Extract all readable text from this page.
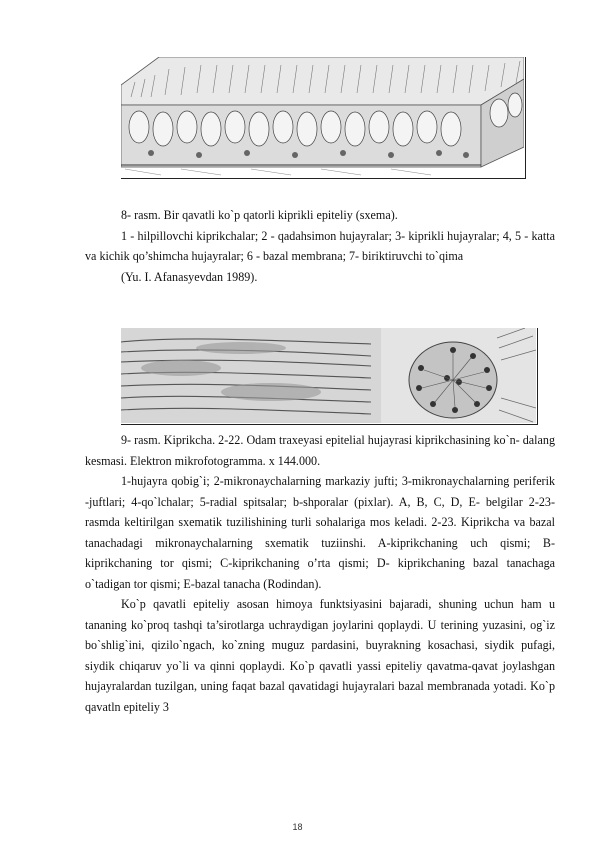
8- rasm. Bir qavatli ko`p qatorli kiprikli epiteliy (sxema).

1 - hilpillovchi kiprikchalar; 2 - qadahsimon hujayralar; 3- kiprikli hujayralar; 4, 5 - katta va kichik qo’shimcha hujayralar; 6 - bazal membrana; 7- biriktiruvchi to`qima

(Yu. I. Afanasyevdan 1989).

9- rasm. Kiprikcha. 2-22. Odam traxeyasi epitelial hujayrasi kiprikchasining ko`n- dalang kesmasi. Elektron mikrofotogramma. x 144.000.

1-hujayra qobig`i; 2-mikronaychalarning markaziy jufti; 3-mikronaychalarning periferik -juftlari; 4-qo`lchalar; 5-radial spitsalar; b-shporalar (pixlar). A, B, C, D, E- belgilar 2-23- rasmda keltirilgan sxematik tuzilishining turli sohalariga mos keladi. 2-23. Kiprikcha va bazal tanachadagi mikronaychalarning sxematik tuziinshi. A-kiprikchaning uch qismi; B-kiprikchaning tor qismi; C-kiprikchaning o’rta qismi; D- kiprikchaning bazal tanachaga o`tadigan tor qismi; E-bazal tanacha (Rodindan).

Ko`p qavatli epiteliy asosan himoya funktsiyasini bajaradi, shuning uchun ham u tananing ko`proq tashqi ta’sirotlarga uchraydigan joylarini qoplaydi. U terining yuzasini, og`iz bo`shlig`ini, qizilo`ngach, ko`zning muguz pardasini, buyrakning kosachasi, siydik pufagi, siydik chiqaruv yo`li va qinni qoplaydi. Ko`p qavatli yassi epiteliy qavatma-qavat joylashgan hujayralardan tuzilgan, uning faqat bazal qavatidagi hujayralari bazal membranada yotadi. Ko`p qavatln epiteliy 3

18
